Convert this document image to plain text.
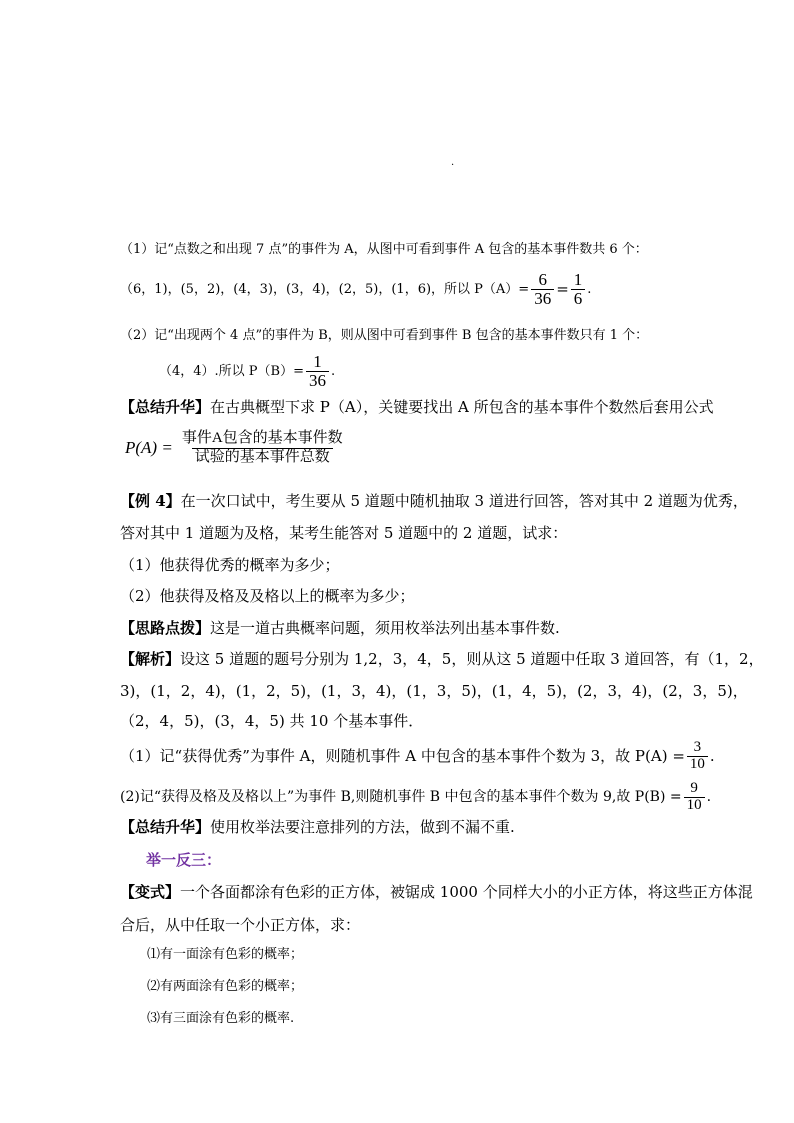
.
（1）记“点数之和出现 7 点”的事件为 A，从图中可看到事件 A 包含的基本事件数共 6 个：
（6，1)，(5，2)，(4，3)，(3，4)，(2，5)，(1，6)，所以 $P(A)= \frac{6}{36} = \frac{1}{6}$ .
（2）记“出现两个 4 点”的事件为 B，则从图中可看到事件 B 包含的基本事件数只有 1 个：
（4，4）.所以 $P(B)= \frac{1}{36}$ .
【总结升华】在古典概型下求 P（A），关键要找出 A 所包含的基本事件个数然后套用公式
$P(A) = \frac{\text{事件A包含的基本事件数}}{\text{试验的基本事件总数}}$
【例 4】在一次口试中，考生要从 5 道题中随机抽取 3 道进行回答，答对其中 2 道题为优秀，
答对其中 1 道题为及格，某考生能答对 5 道题中的 2 道题，试求：
（1）他获得优秀的概率为多少；
（2）他获得及格及及格以上的概率为多少；
【思路点拨】这是一道古典概率问题，须用枚举法列出基本事件数.
【解析】设这 5 道题的题号分别为 1,2，3，4，5，则从这 5 道题中任取 3 道回答，有（1，2，
3)，(1，2，4)，(1，2，5)，(1，3，4)，(1，3，5)，(1，4，5)，(2，3，4)，(2，3，5)，
（2，4，5)，(3，4，5) 共 10 个基本事件．
（1）记“获得优秀”为事件 A，则随机事件 A 中包含的基本事件个数为 3，故 $P(A) = \frac{3}{10}$ .
(2)记“获得及格及及格以上”为事件 B,则随机事件 B 中包含的基本事件个数为 9,故 $P(B) = \frac{9}{10}$ .
【总结升华】使用枚举法要注意排列的方法，做到不漏不重.
举一反三：
【变式】一个各面都涂有色彩的正方体，被锯成 1000 个同样大小的小正方体，将这些正方体混
合后，从中任取一个小正方体，求：
⑴有一面涂有色彩的概率；
⑵有两面涂有色彩的概率；
⑶有三面涂有色彩的概率.
